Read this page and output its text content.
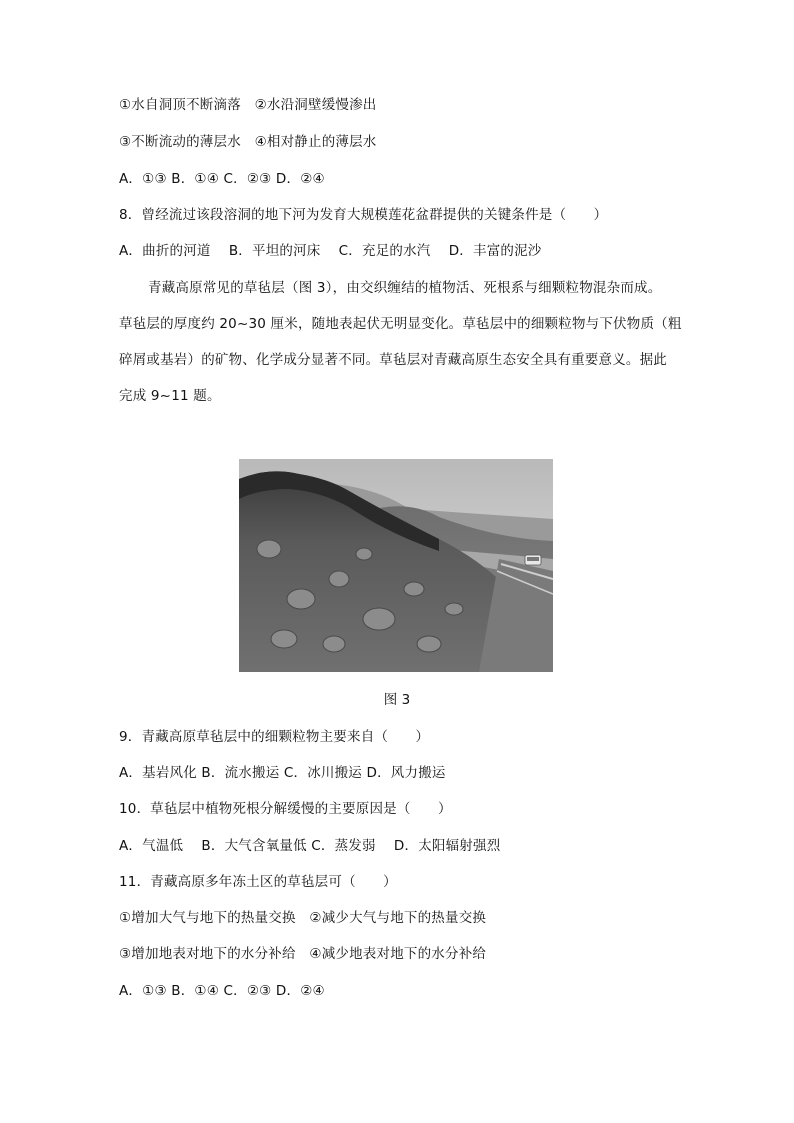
①水自洞顶不断滴落　②水沿洞壁缓慢渗出
③不断流动的薄层水　④相对静止的薄层水
A．①③ B．①④ C．②③ D．②④
8．曾经流过该段溶洞的地下河为发育大规模莲花盆群提供的关键条件是（　　）
A．曲折的河道　 B．平坦的河床　 C．充足的水汽　 D．丰富的泥沙
青藏高原常见的草毡层（图 3），由交织缠结的植物活、死根系与细颗粒物混杂而成。
草毡层的厚度约 20~30 厘米，随地表起伏无明显变化。草毡层中的细颗粒物与下伏物质（粗
碎屑或基岩）的矿物、化学成分显著不同。草毡层对青藏高原生态安全具有重要意义。据此
完成 9~11 题。
图 3
9．青藏高原草毡层中的细颗粒物主要来自（　　）
A．基岩风化 B．流水搬运 C．冰川搬运 D．风力搬运
10．草毡层中植物死根分解缓慢的主要原因是（　　）
A．气温低　 B．大气含氧量低 C．蒸发弱　 D．太阳辐射强烈
11．青藏高原多年冻土区的草毡层可（　　）
①增加大气与地下的热量交换　②减少大气与地下的热量交换
③增加地表对地下的水分补给　④减少地表对地下的水分补给
A．①③ B．①④ C．②③ D．②④
